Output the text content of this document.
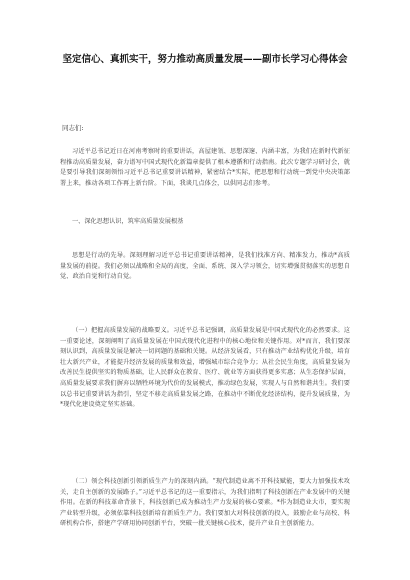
坚定信心、真抓实干，努力推动高质量发展——副市长学习心得体会
同志们:

习近平总书记近日在河南考察时的重要讲话，高屋建瓴、思想深邃、内涵丰富，为我们在新时代新征程推动高质量发展，奋力谱写中国式现代化新篇章提供了根本遵循和行动指南。此次专题学习研讨会，就是要引导我们深刻领悟习近平总书记重要讲话精神，紧密结合*实际，把思想和行动统一到党中央决策部署上来，推动各项工作再上新台阶。下面，我谈几点体会，以供同志们参考。

一、深化思想认识，筑牢高质量发展根基

思想是行动的先导。深刻理解习近平总书记重要讲话精神，是我们找准方向、精准发力，推动*高质量发展的前提。我们必须以战略和全局的高度，全面、系统、深入学习领会，切实增强贯彻落实的思想自觉、政治自觉和行动自觉。

（一）把握高质量发展的战略要义。习近平总书记强调，高质量发展是中国式现代化的必然要求。这一重要论述，深刻阐明了高质量发展在中国式现代化进程中的核心地位和关键作用。对*而言，我们要深刻认识到，高质量发展是解决一切问题的基础和关键。从经济发展看，只有推动产业结构优化升级，培育壮大新兴产业，才能提升经济发展的质量和效益，增强城市综合竞争力；从社会民生角度，高质量发展为改善民生提供坚实的物质基础，让人民群众在教育、医疗、就业等方面获得更多实惠；从生态保护层面，高质量发展要求我们摒弃以牺牲环境为代价的发展模式，推动绿色发展，实现人与自然和谐共生。我们要以总书记重要讲话为指引，坚定不移走高质量发展之路，在推动中不断优化经济结构，提升发展质量，为*现代化建设奠定坚实基础。

（二）领会科技创新引领新质生产力的深刻内涵。“现代制造业离不开科技赋能，要大力加强技术攻关，走自主创新的发展路子。”习近平总书记的这一重要指示，为我们指明了科技创新在产业发展中的关键作用。在新的科技革命背景下，科技创新已成为推动生产力发展的核心要素。*作为制造业大市，要实现产业转型升级，必须依靠科技创新培育新质生产力。我们要加大对科技创新的投入，鼓励企业与高校、科研机构合作，搭建产学研用协同创新平台，突破一批关键核心技术，提升产业自主创新能力。
